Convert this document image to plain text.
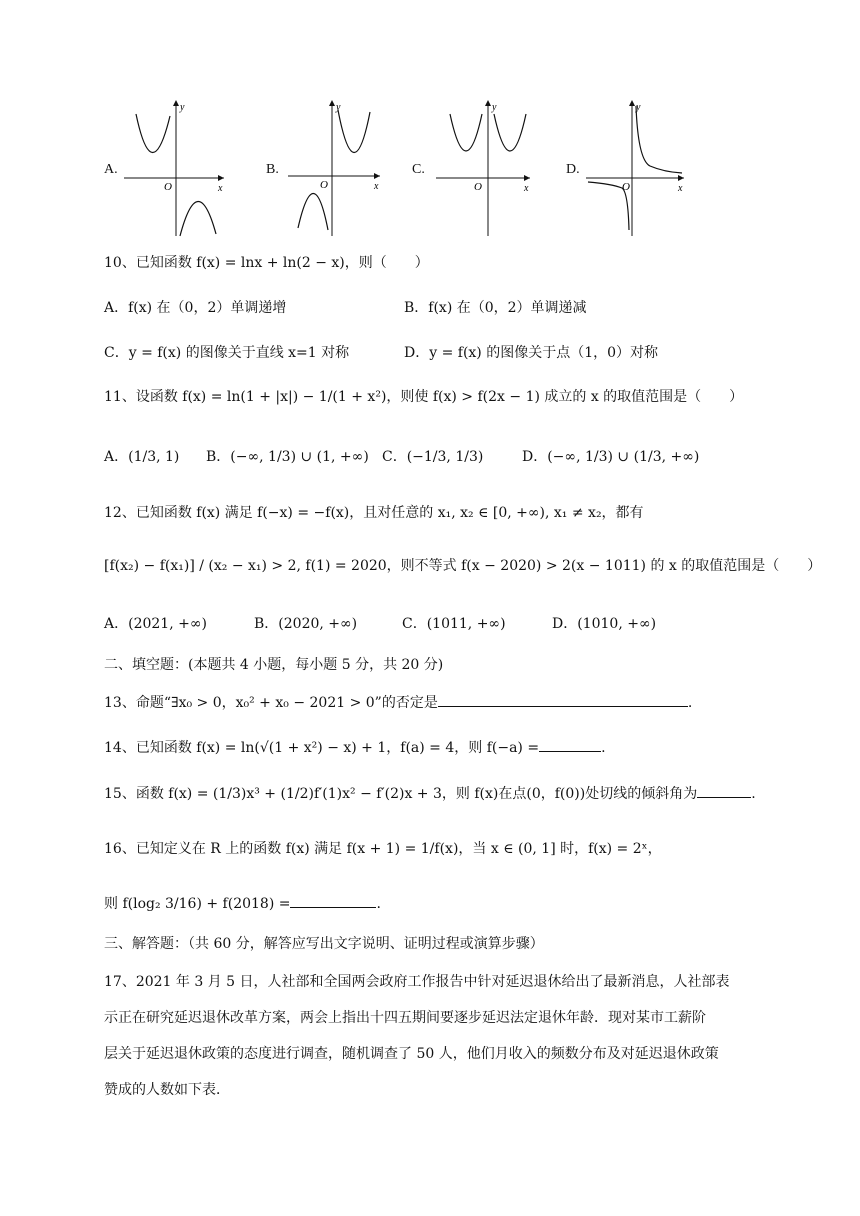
A.
y
x
O
B.
y
x
O
C.
y
x
O
D.
y
x
O
10、已知函数 f(x) = lnx + ln(2 − x)，则（　　）
A．f(x) 在（0，2）单调递增	B．f(x) 在（0，2）单调递减
C．y = f(x) 的图像关于直线 x=1 对称	D．y = f(x) 的图像关于点（1，0）对称
11、设函数 f(x) = ln(1 + |x|) − 1/(1 + x²)，则使 f(x) > f(2x − 1) 成立的 x 的取值范围是（　　）
A．(1/3, 1) B．(−∞, 1/3) ∪ (1, +∞) C．(−1/3, 1/3)	D．(−∞, 1/3) ∪ (1/3, +∞)
12、已知函数 f(x) 满足 f(−x) = −f(x)，且对任意的 x₁, x₂ ∈ [0, +∞), x₁ ≠ x₂，都有
[f(x₂) − f(x₁)] / (x₂ − x₁) > 2, f(1) = 2020，则不等式 f(x − 2020) > 2(x − 1011) 的 x 的取值范围是（　　）
A．(2021, +∞)	B．(2020, +∞)	C．(1011, +∞)	D．(1010, +∞)
二、填空题：(本题共 4 小题，每小题 5 分，共 20 分)
13、命题“∃x₀ > 0，x₀² + x₀ − 2021 > 0”的否定是	.
14、已知函数 f(x) = ln(√(1 + x²) − x) + 1，f(a) = 4，则 f(−a) =	.
15、函数 f(x) = (1/3)x³ + (1/2)f′(1)x² − f′(2)x + 3，则 f(x)在点(0，f(0))处切线的倾斜角为	.
16、已知定义在 R 上的函数 f(x) 满足 f(x + 1) = 1/f(x)，当 x ∈ (0, 1] 时，f(x) = 2ˣ，
则 f(log₂ 3/16) + f(2018) =	.
三、解答题：（共 60 分，解答应写出文字说明、证明过程或演算步骤）
17、2021 年 3 月 5 日，人社部和全国两会政府工作报告中针对延迟退休给出了最新消息，人社部表
示正在研究延迟退休改革方案，两会上指出十四五期间要逐步延迟法定退休年龄．现对某市工薪阶
层关于延迟退休政策的态度进行调查，随机调查了 50 人，他们月收入的频数分布及对延迟退休政策
赞成的人数如下表．
